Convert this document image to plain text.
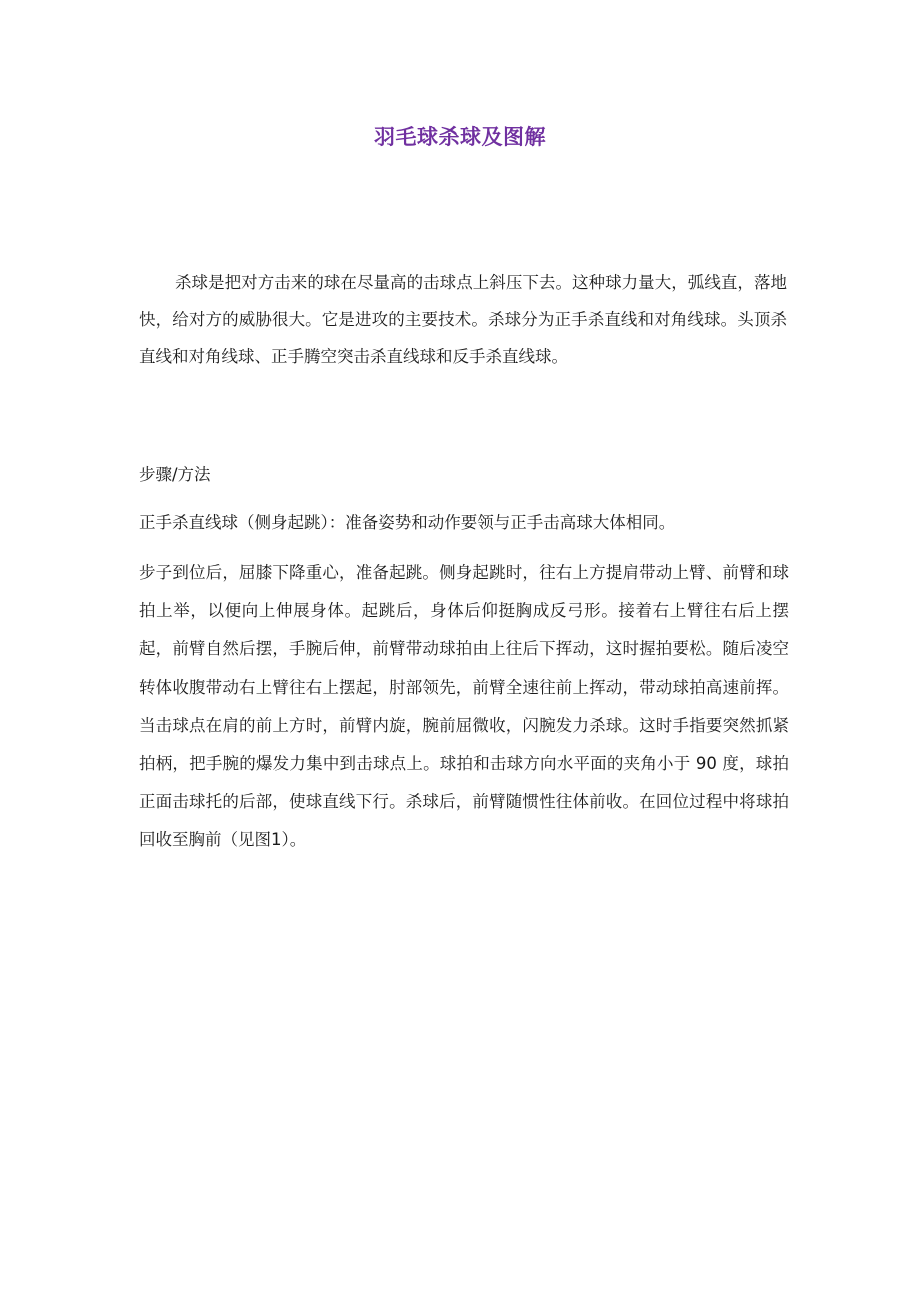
羽毛球杀球及图解

杀球是把对方击来的球在尽量高的击球点上斜压下去。这种球力量大，弧线直，落地快，给对方的威胁很大。它是进攻的主要技术。杀球分为正手杀直线和对角线球。头顶杀直线和对角线球、正手腾空突击杀直线球和反手杀直线球。

步骤/方法

正手杀直线球（侧身起跳）：准备姿势和动作要领与正手击高球大体相同。

步子到位后，屈膝下降重心，准备起跳。侧身起跳时，往右上方提肩带动上臂、前臂和球拍上举，以便向上伸展身体。起跳后，身体后仰挺胸成反弓形。接着右上臂往右后上摆起，前臂自然后摆，手腕后伸，前臂带动球拍由上往后下挥动，这时握拍要松。随后凌空转体收腹带动右上臂往右上摆起，肘部领先，前臂全速往前上挥动，带动球拍高速前挥。当击球点在肩的前上方时，前臂内旋，腕前屈微收，闪腕发力杀球。这时手指要突然抓紧拍柄，把手腕的爆发力集中到击球点上。球拍和击球方向水平面的夹角小于 90 度，球拍正面击球托的后部，使球直线下行。杀球后，前臂随惯性往体前收。在回位过程中将球拍回收至胸前（见图1）。
